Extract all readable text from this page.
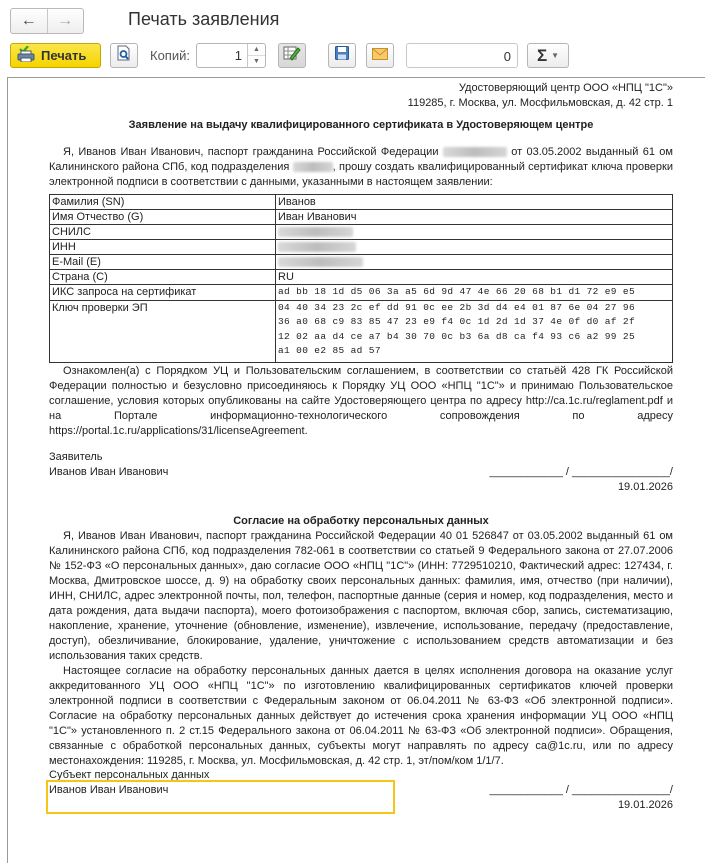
← →	Печать заявления
Печать	Копий:
1	▲
▼	0	Σ ▼
Удостоверяющий центр ООО «НПЦ "1С"»
119285, г. Москва, ул. Мосфильмовская, д. 42 стр. 1
Заявление на выдачу квалифицированного сертификата в Удостоверяющем центре
Я, Иванов Иван Иванович, паспорт гражданина Российской Федерации	от 03.05.2002 выданный 61 ом Калининского района СПб, код подразделения	, прошу создать квалифицированный сертификат ключа проверки электронной подписи в соответствии с данными, указанными в настоящем заявлении:
Фамилия (SN)	Иванов
Имя Отчество (G)	Иван Иванович
СНИЛС	
ИНН	
E-Mail (E)	
Страна (C)	RU
ИКС запроса на сертификат	ad bb 18 1d d5 06 3a a5 6d 9d 47 4e 66 20 68 b1 d1 72 e9 e5
Ключ проверки ЭП	04 40 34 23 2c ef dd 91 0c ee 2b 3d d4 e4 01 87 6e 04 27 96
36 a0 68 c9 83 85 47 23 e9 f4 0c 1d 2d 1d 37 4e 0f d0 af 2f
12 02 aa d4 ce a7 b4 30 70 0c b3 6a d8 ca f4 93 c6 a2 99 25
a1 00 e2 85 ad 57
Ознакомлен(а) с Порядком УЦ и Пользовательским соглашением, в соответствии со статьёй 428 ГК Российской Федерации полностью и безусловно присоединяюсь к Порядку УЦ ООО «НПЦ "1С"» и принимаю Пользовательское соглашение, условия которых опубликованы на сайте Удостоверяющего центра по адресу http://ca.1c.ru/reglament.pdf и на Портале информационно-технологического сопровождения по адресу
https://portal.1c.ru/applications/31/licenseAgreement.
Заявитель
Иванов Иван Иванович	____________ / ________________/
19.01.2026
Согласие на обработку персональных данных
Я, Иванов Иван Иванович, паспорт гражданина Российской Федерации 40 01 526847 от 03.05.2002 выданный 61 ом Калининского района СПб, код подразделения 782-061 в соответствии со статьей 9 Федерального закона от 27.07.2006 № 152-ФЗ «О персональных данных», даю согласие ООО «НПЦ "1С"» (ИНН: 7729510210, Фактический адрес: 127434, г. Москва, Дмитровское шоссе, д. 9) на обработку своих персональных данных: фамилия, имя, отчество (при наличии), ИНН, СНИЛС, адрес электронной почты, пол, телефон, паспортные данные (серия и номер, код подразделения, место и дата рождения, дата выдачи паспорта), моего фотоизображения с паспортом, включая сбор, запись, систематизацию, накопление, хранение, уточнение (обновление, изменение), извлечение, использование, передачу (предоставление, доступ), обезличивание, блокирование, удаление, уничтожение с использованием средств автоматизации и без использования таких средств.
Настоящее согласие на обработку персональных данных дается в целях исполнения договора на оказание услуг аккредитованного УЦ ООО «НПЦ "1С"» по изготовлению квалифицированных сертификатов ключей проверки электронной подписи в соответствии с Федеральным законом от 06.04.2011 № 63-ФЗ «Об электронной подписи». Согласие на обработку персональных данных действует до истечения срока хранения информации УЦ ООО «НПЦ "1С"» установленного п. 2 ст.15 Федерального закона от 06.04.2011 № 63-ФЗ «Об электронной подписи». Обращения, связанные с обработкой персональных данных, субъекты могут направлять по адресу ca@1c.ru, или по адресу местонахождения: 119285, г. Москва, ул. Мосфильмовская, д. 42 стр. 1, эт/пом/ком 1/1/7.
Субъект персональных данных
Иванов Иван Иванович	____________ / ________________/
19.01.2026
